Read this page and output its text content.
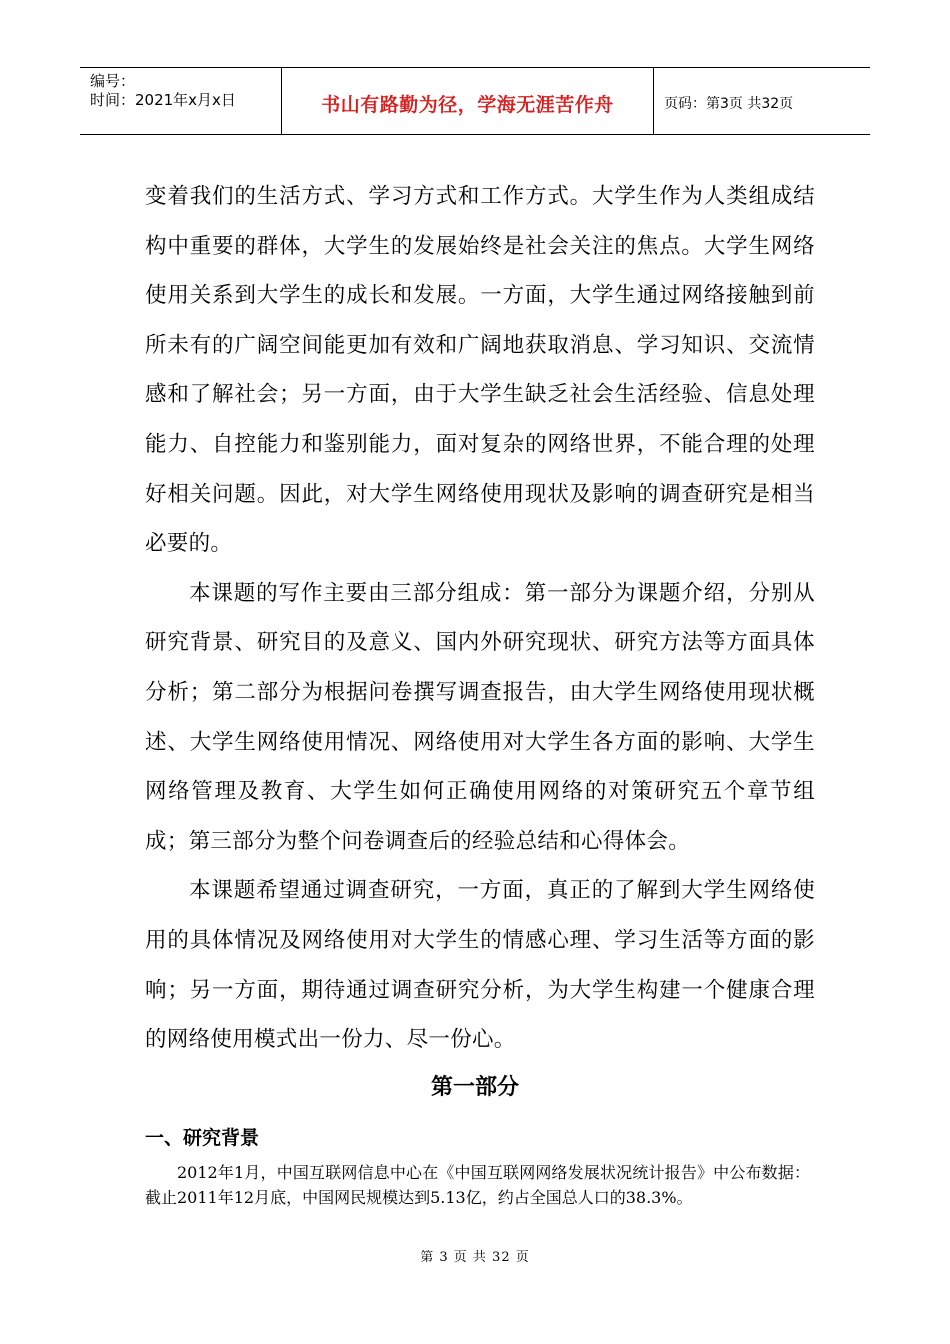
编号：
时间：2021年x月x日	书山有路勤为径，学海无涯苦作舟	页码：第3页 共32页

变着我们的生活方式、学习方式和工作方式。大学生作为人类组成结构中重要的群体，大学生的发展始终是社会关注的焦点。大学生网络使用关系到大学生的成长和发展。一方面，大学生通过网络接触到前所未有的广阔空间能更加有效和广阔地获取消息、学习知识、交流情感和了解社会；另一方面，由于大学生缺乏社会生活经验、信息处理能力、自控能力和鉴别能力，面对复杂的网络世界，不能合理的处理好相关问题。因此，对大学生网络使用现状及影响的调查研究是相当必要的。

本课题的写作主要由三部分组成：第一部分为课题介绍，分别从研究背景、研究目的及意义、国内外研究现状、研究方法等方面具体分析；第二部分为根据问卷撰写调查报告，由大学生网络使用现状概述、大学生网络使用情况、网络使用对大学生各方面的影响、大学生网络管理及教育、大学生如何正确使用网络的对策研究五个章节组成；第三部分为整个问卷调查后的经验总结和心得体会。

本课题希望通过调查研究，一方面，真正的了解到大学生网络使用的具体情况及网络使用对大学生的情感心理、学习生活等方面的影响；另一方面，期待通过调查研究分析，为大学生构建一个健康合理的网络使用模式出一份力、尽一份心。

第一部分
一、研究背景

2012年1月，中国互联网信息中心在《中国互联网网络发展状况统计报告》中公布数据：截止2011年12月底，中国网民规模达到5.13亿，约占全国总人口的38.3%。

第 3 页 共 32 页
